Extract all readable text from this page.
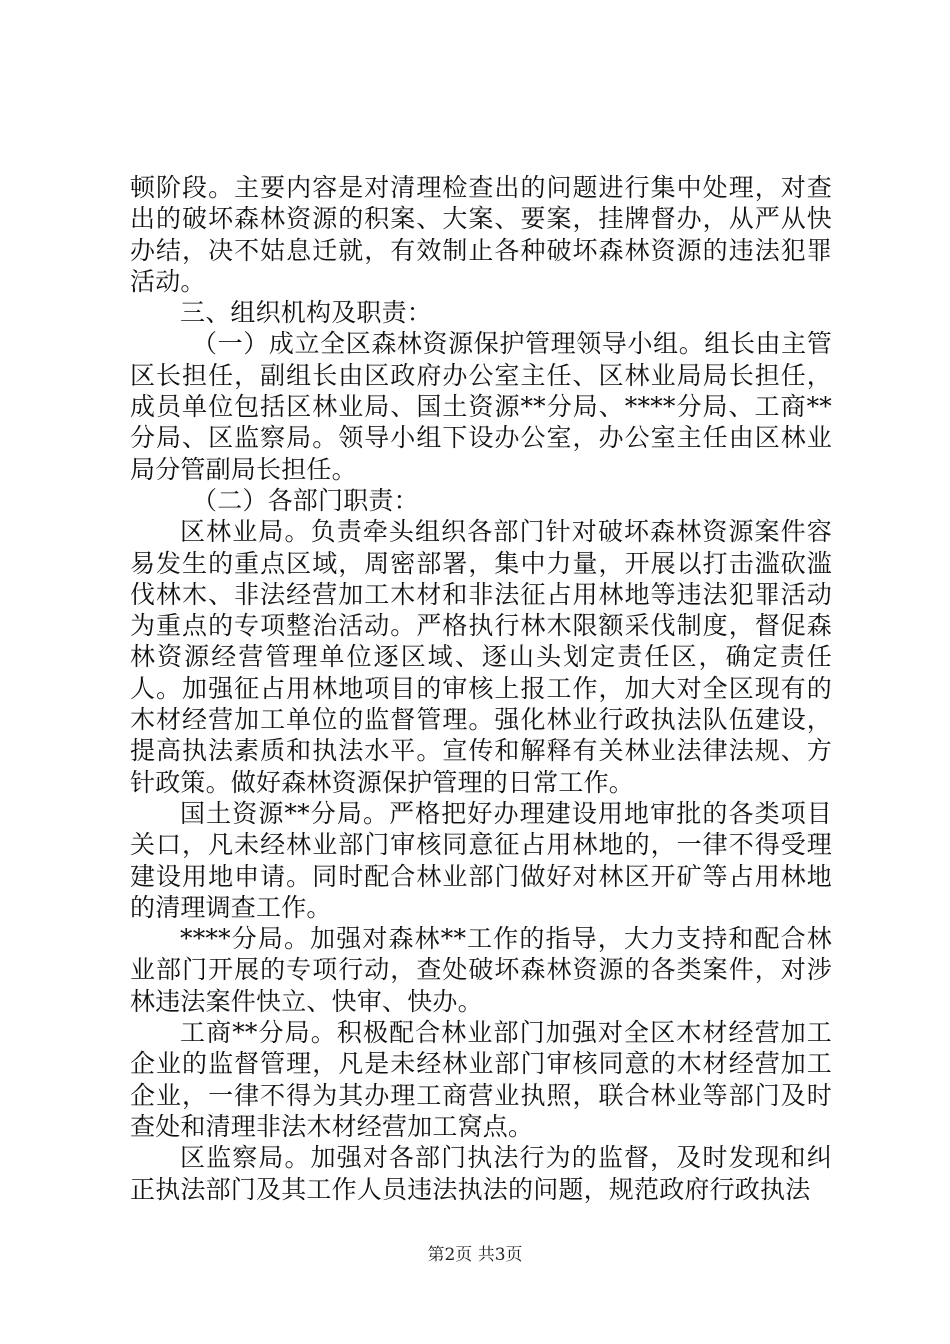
顿阶段。主要内容是对清理检查出的问题进行集中处理，对查出的破坏森林资源的积案、大案、要案，挂牌督办，从严从快办结，决不姑息迁就，有效制止各种破坏森林资源的违法犯罪活动。

三、组织机构及职责：

（一）成立全区森林资源保护管理领导小组。组长由主管区长担任，副组长由区政府办公室主任、区林业局局长担任，成员单位包括区林业局、国土资源**分局、****分局、工商**分局、区监察局。领导小组下设办公室，办公室主任由区林业局分管副局长担任。

（二）各部门职责：

区林业局。负责牵头组织各部门针对破坏森林资源案件容易发生的重点区域，周密部署，集中力量，开展以打击滥砍滥伐林木、非法经营加工木材和非法征占用林地等违法犯罪活动为重点的专项整治活动。严格执行林木限额采伐制度，督促森林资源经营管理单位逐区域、逐山头划定责任区，确定责任人。加强征占用林地项目的审核上报工作，加大对全区现有的木材经营加工单位的监督管理。强化林业行政执法队伍建设，提高执法素质和执法水平。宣传和解释有关林业法律法规、方针政策。做好森林资源保护管理的日常工作。

国土资源**分局。严格把好办理建设用地审批的各类项目关口，凡未经林业部门审核同意征占用林地的，一律不得受理建设用地申请。同时配合林业部门做好对林区开矿等占用林地的清理调查工作。

****分局。加强对森林**工作的指导，大力支持和配合林业部门开展的专项行动，查处破坏森林资源的各类案件，对涉林违法案件快立、快审、快办。

工商**分局。积极配合林业部门加强对全区木材经营加工企业的监督管理，凡是未经林业部门审核同意的木材经营加工企业，一律不得为其办理工商营业执照，联合林业等部门及时查处和清理非法木材经营加工窝点。

区监察局。加强对各部门执法行为的监督，及时发现和纠正执法部门及其工作人员违法执法的问题，规范政府行政执法

第2页 共3页
